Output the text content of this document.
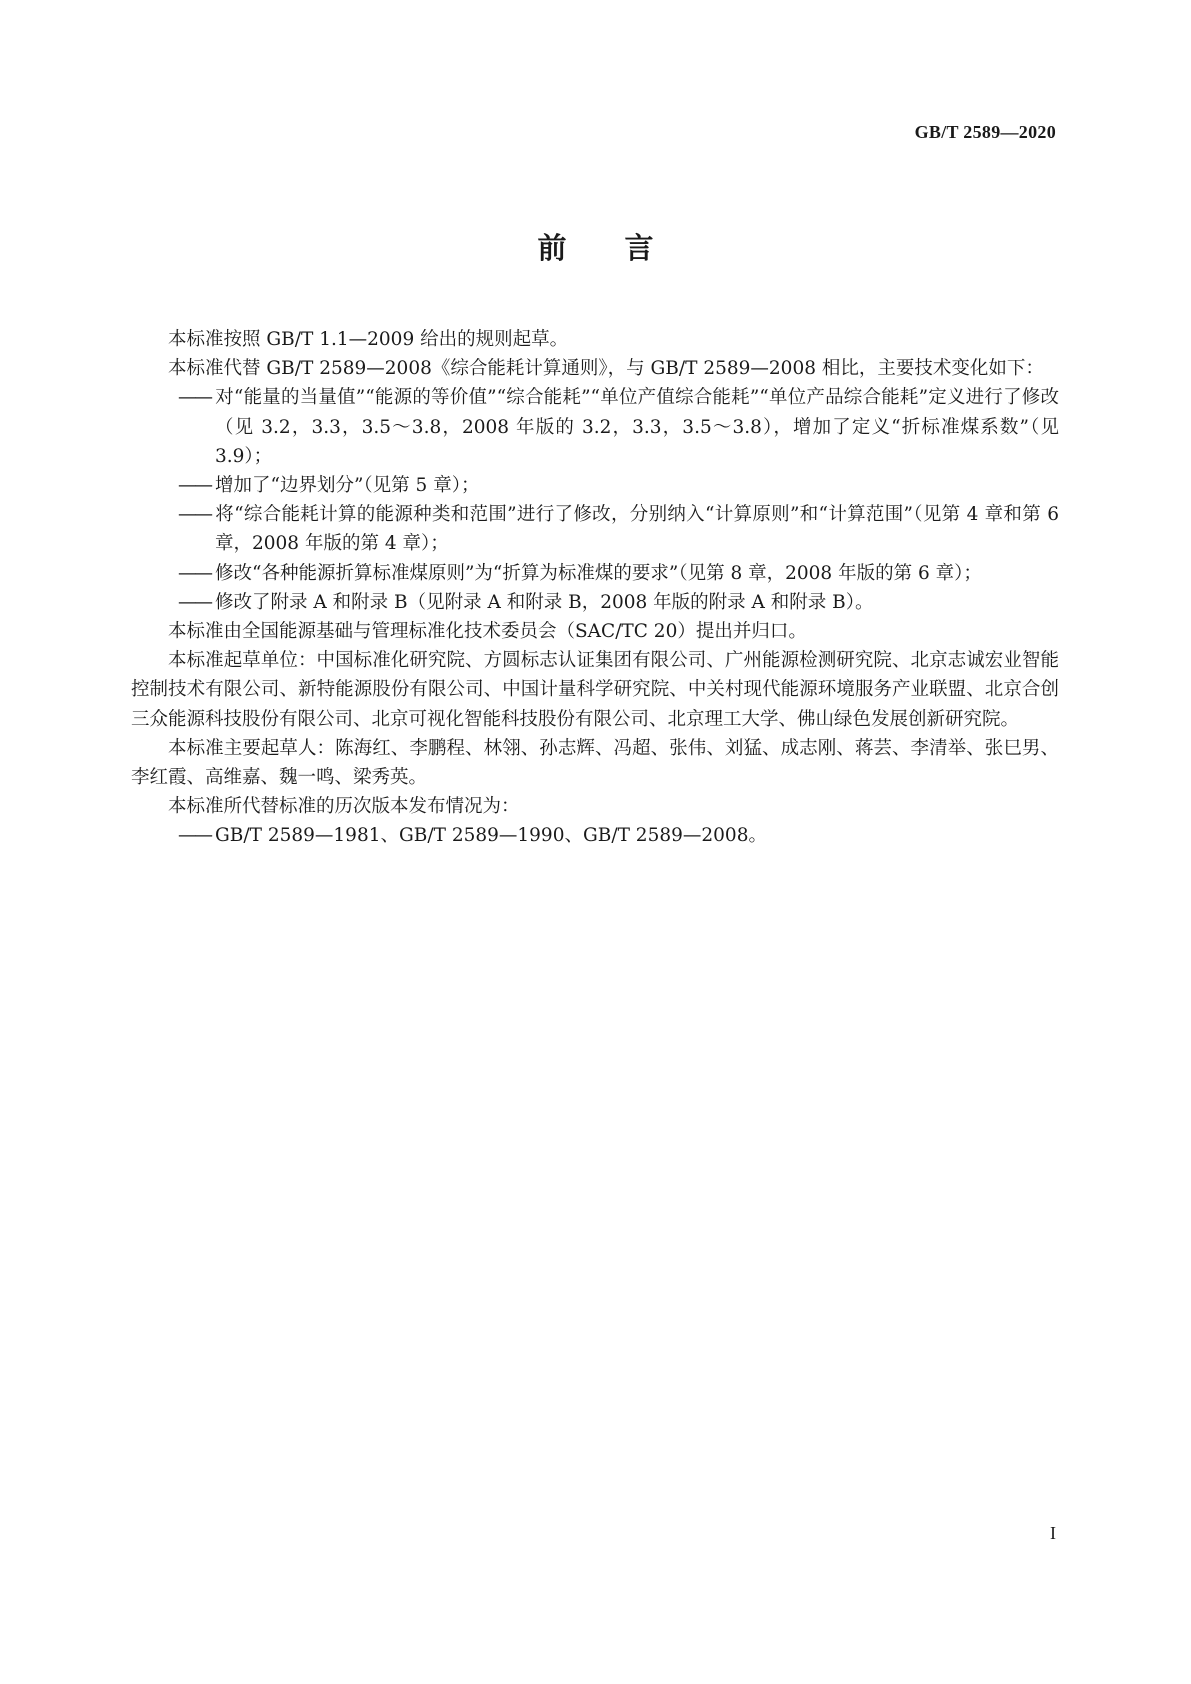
GB/T 2589—2020
前言

本标准按照 GB/T 1.1—2009 给出的规则起草。

本标准代替 GB/T 2589—2008《综合能耗计算通则》，与 GB/T 2589—2008 相比，主要技术变化如下：

—— 对“能量的当量值”“能源的等价值”“综合能耗”“单位产值综合能耗”“单位产品综合能耗”定义进行了修改（见 3.2，3.3，3.5～3.8，2008 年版的 3.2，3.3，3.5～3.8），增加了定义“折标准煤系数”（见 3.9）；

—— 增加了“边界划分”（见第 5 章）；

—— 将“综合能耗计算的能源种类和范围”进行了修改，分别纳入“计算原则”和“计算范围”（见第 4 章和第 6 章，2008 年版的第 4 章）；

—— 修改“各种能源折算标准煤原则”为“折算为标准煤的要求”（见第 8 章，2008 年版的第 6 章）；

—— 修改了附录 A 和附录 B（见附录 A 和附录 B，2008 年版的附录 A 和附录 B）。

本标准由全国能源基础与管理标准化技术委员会（SAC/TC 20）提出并归口。

本标准起草单位：中国标准化研究院、方圆标志认证集团有限公司、广州能源检测研究院、北京志诚宏业智能控制技术有限公司、新特能源股份有限公司、中国计量科学研究院、中关村现代能源环境服务产业联盟、北京合创三众能源科技股份有限公司、北京可视化智能科技股份有限公司、北京理工大学、佛山绿色发展创新研究院。

本标准主要起草人：陈海红、李鹏程、林翎、孙志辉、冯超、张伟、刘猛、成志刚、蒋芸、李清举、张巳男、李红霞、高维嘉、魏一鸣、梁秀英。

本标准所代替标准的历次版本发布情况为：

—— GB/T 2589—1981、GB/T 2589—1990、GB/T 2589—2008。

I
